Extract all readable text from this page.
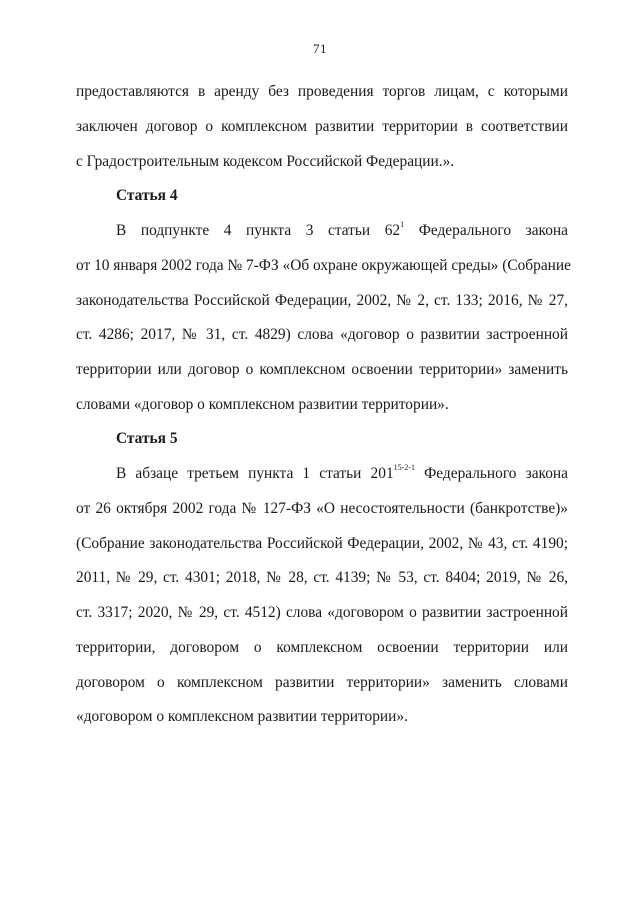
71
предоставляются в аренду без проведения торгов лицам, с которыми
заключен договор о комплексном развитии территории в соответствии
с Градостроительным кодексом Российской Федерации.».
Статья 4
В подпункте 4 пункта 3 статьи $62^1$ Федерального закона
от 10 января 2002 года № 7-ФЗ «Об охране окружающей среды» (Собрание
законодательства Российской Федерации, 2002, № 2, ст. 133; 2016, № 27,
ст. 4286; 2017, № 31, ст. 4829) слова «договор о развитии застроенной
территории или договор о комплексном освоении территории» заменить
словами «договор о комплексном развитии территории».
Статья 5
В абзаце третьем пункта 1 статьи 201$^{15-2-1}$ Федерального закона
от 26 октября 2002 года № 127-ФЗ «О несостоятельности (банкротстве)»
(Собрание законодательства Российской Федерации, 2002, № 43, ст. 4190;
2011, № 29, ст. 4301; 2018, № 28, ст. 4139; № 53, ст. 8404; 2019, № 26,
ст. 3317; 2020, № 29, ст. 4512) слова «договором о развитии застроенной
территории, договором о комплексном освоении территории или
договором о комплексном развитии территории» заменить словами
«договором о комплексном развитии территории».
